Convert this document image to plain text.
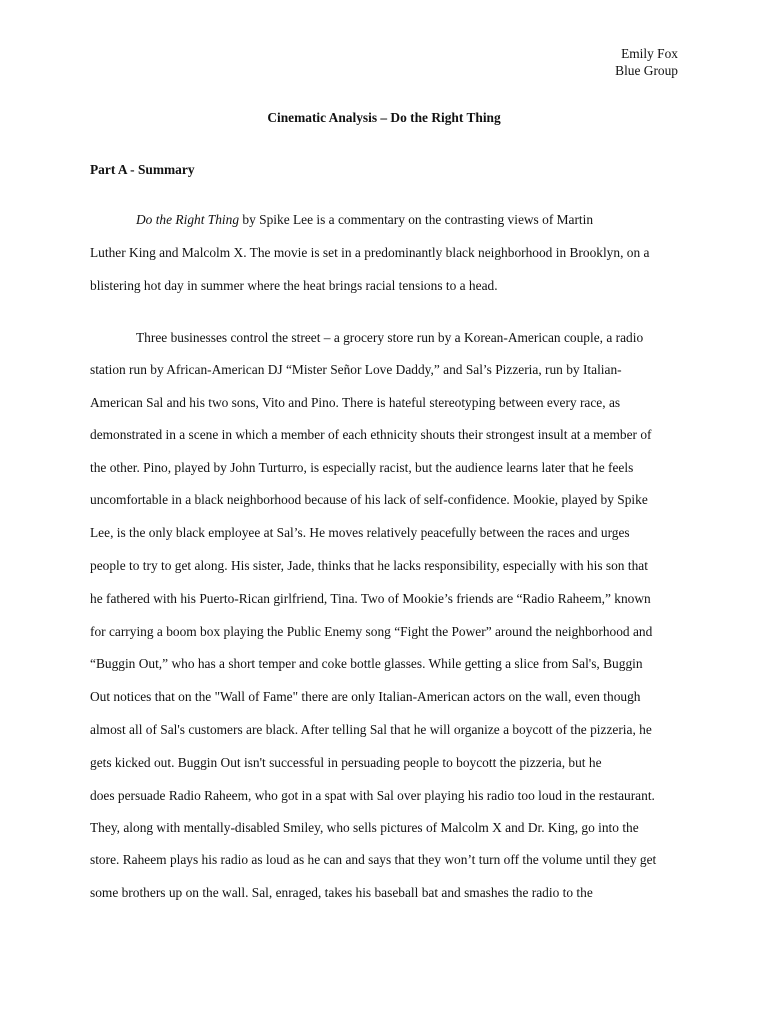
Emily Fox
Blue Group
Cinematic Analysis – Do the Right Thing
Part A - Summary
Do the Right Thing by Spike Lee is a commentary on the contrasting views of Martin
Luther King and Malcolm X. The movie is set in a predominantly black neighborhood in Brooklyn, on a
blistering hot day in summer where the heat brings racial tensions to a head.
Three businesses control the street – a grocery store run by a Korean-American couple, a radio
station run by African-American DJ “Mister Señor Love Daddy,” and Sal’s Pizzeria, run by Italian-
American Sal and his two sons, Vito and Pino. There is hateful stereotyping between every race, as
demonstrated in a scene in which a member of each ethnicity shouts their strongest insult at a member of
the other. Pino, played by John Turturro, is especially racist, but the audience learns later that he feels
uncomfortable in a black neighborhood because of his lack of self-confidence. Mookie, played by Spike
Lee, is the only black employee at Sal’s. He moves relatively peacefully between the races and urges
people to try to get along. His sister, Jade, thinks that he lacks responsibility, especially with his son that
he fathered with his Puerto-Rican girlfriend, Tina. Two of Mookie’s friends are “Radio Raheem,” known
for carrying a boom box playing the Public Enemy song “Fight the Power” around the neighborhood and
“Buggin Out,” who has a short temper and coke bottle glasses. While getting a slice from Sal's, Buggin
Out notices that on the "Wall of Fame" there are only Italian-American actors on the wall, even though
almost all of Sal's customers are black. After telling Sal that he will organize a boycott of the pizzeria, he
gets kicked out. Buggin Out isn't successful in persuading people to boycott the pizzeria, but he
does persuade Radio Raheem, who got in a spat with Sal over playing his radio too loud in the restaurant.
They, along with mentally-disabled Smiley, who sells pictures of Malcolm X and Dr. King, go into the
store. Raheem plays his radio as loud as he can and says that they won’t turn off the volume until they get
some brothers up on the wall. Sal, enraged, takes his baseball bat and smashes the radio to the
